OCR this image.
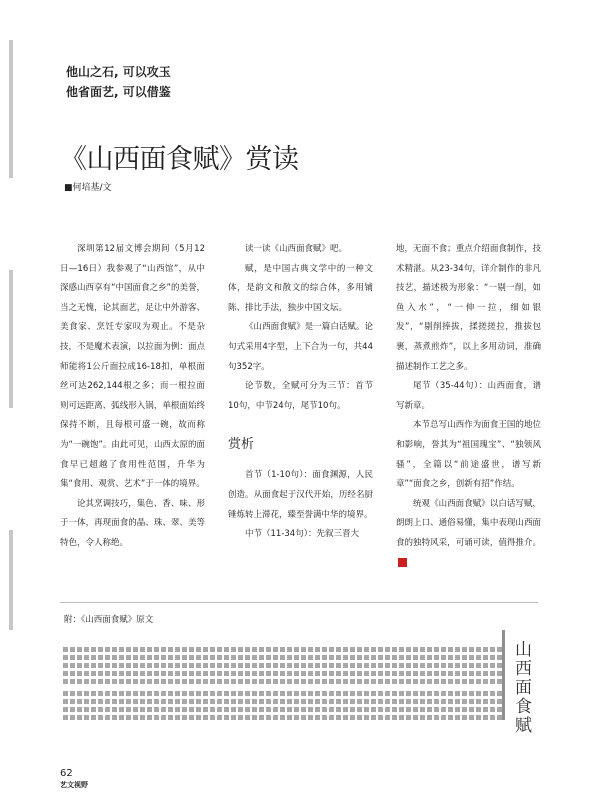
他山之石, 可以攻玉
他省面艺, 可以借鉴
《山西面食赋》赏读
■何培基/文

深圳第12届文博会期间（5月12日—16日）我参观了“山西馆”，从中深感山西享有“中国面食之乡”的美誉，当之无愧，论其面艺，足让中外游客、美食家、烹饪专家叹为观止。不是杂技，不是魔术表演，以拉面为例：面点师能将1公斤面拉成16-18扣，单根面丝可达262,144根之多；而一根拉面则可远距离、弧线形入锅，单根面始终保持不断，且每根可盛一碗，故而称为“一碗饱”。由此可见，山西太原的面食早已超越了食用性范围，升华为集“食用、观赏、艺术”于一体的境界。

论其烹调技巧，集色、香、味、形于一体，再现面食的晶、珠、翠、美等特色，令人称绝。

读一读《山西面食赋》吧。

赋，是中国古典文学中的一种文体，是韵文和散文的综合体，多用铺陈、排比手法，独步中国文坛。

《山西面食赋》是一篇白话赋。论句式采用4字型，上下合为一句，共44句352字。

论节数，全赋可分为三节：首节10句，中节24句，尾节10句。

赏析

首节（1-10句）：面食渊源，人民创造。从面食起于汉代开始，历经名厨锤炼转上滞花，臻至誉满中华的境界。

中节（11-34句）：先叙三晋大

地，无面不食；重点介绍面食制作，技术精湛。从23-34句，详介制作的非凡技艺，描述极为形象：“一剔一削，如鱼入水”，“一伸一拉，细如银发”，“剔削捧拔，揉搓搓拉，推拔包裹，蒸煮煎炸”，以上多用动词，准确描述制作工艺之多。

尾节（35-44句）：山西面食，谱写新章。

本节总写山西作为面食王国的地位和影响，誉其为“祖国瑰宝”、“独领风骚”，全篇以“前途盛世，谱写新章”“面食之乡，创新有招”作结。

统观《山西面食赋》以白话写赋，朗朗上口、通俗易懂，集中表现山西面食的独特风采，可诵可读，值得推介。N

附：《山西面食赋》原文
山西面食赋
62
艺文视野
